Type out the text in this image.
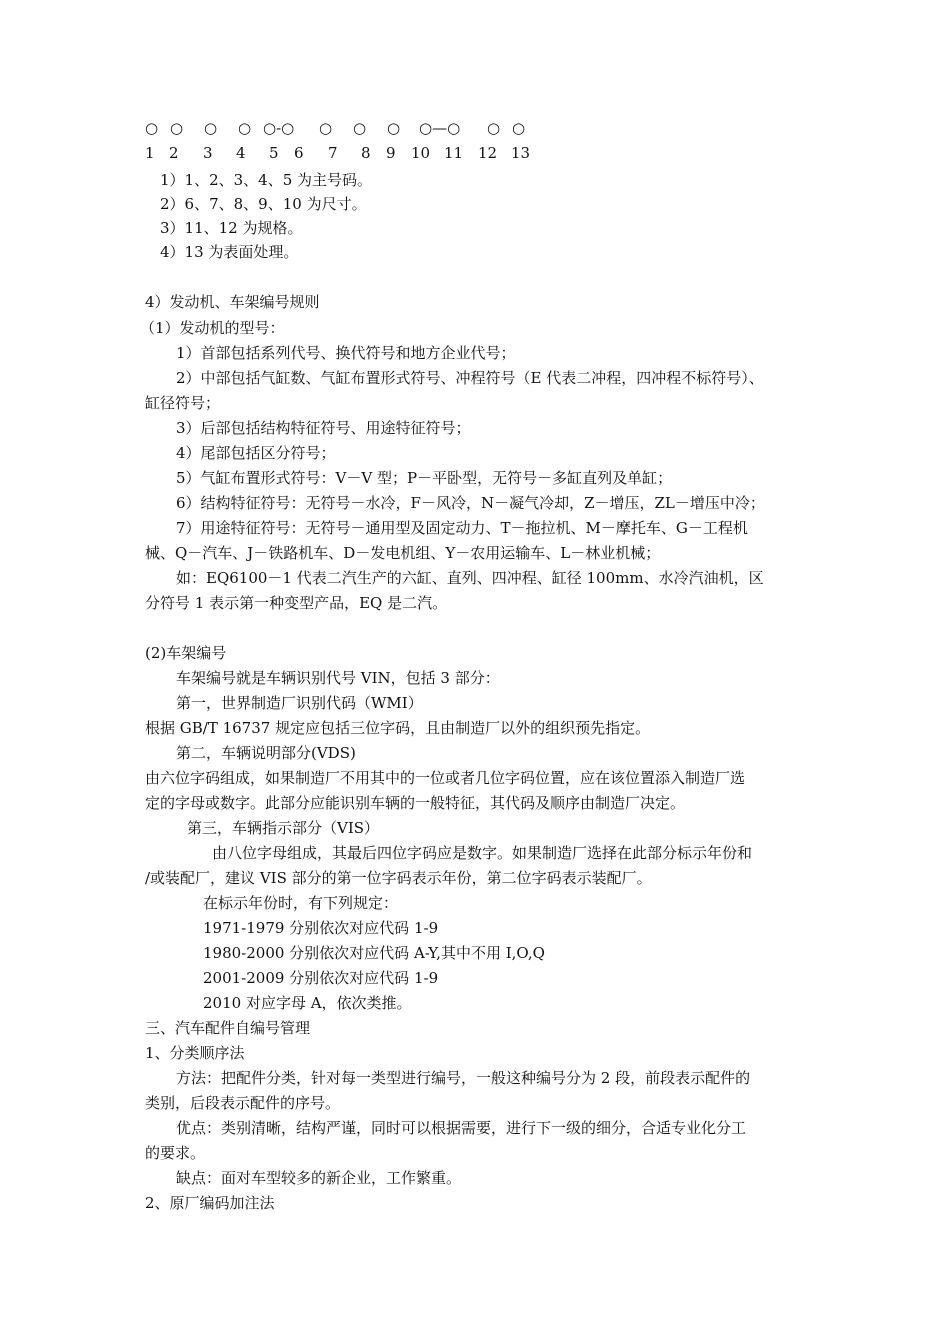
○ ○ ○ ○ ○-○ ○ ○ ○ ○—○ ○ ○
1 2 3 4 5 6 7 8 9 10 11 12 13
1）1、2、3、4、5 为主号码。
2）6、7、8、9、10 为尺寸。
3）11、12 为规格。
4）13 为表面处理。
4）发动机、车架编号规则
（1）发动机的型号：
1）首部包括系列代号、换代符号和地方企业代号；
2）中部包括气缸数、气缸布置形式符号、冲程符号（E 代表二冲程，四冲程不标符号）、
缸径符号；
3）后部包括结构特征符号、用途特征符号；
4）尾部包括区分符号；
5）气缸布置形式符号：V－V 型；P－平卧型，无符号－多缸直列及单缸；
6）结构特征符号：无符号－水冷，F－风冷，N－凝气冷却，Z－增压，ZL－增压中冷；
7）用途特征符号：无符号－通用型及固定动力、T－拖拉机、M－摩托车、G－工程机
械、Q－汽车、J－铁路机车、D－发电机组、Y－农用运输车、L－林业机械；
如：EQ6100－1 代表二汽生产的六缸、直列、四冲程、缸径 100mm、水冷汽油机，区
分符号 1 表示第一种变型产品，EQ 是二汽。
(2)车架编号
车架编号就是车辆识别代号 VIN，包括 3 部分：
第一，世界制造厂识别代码（WMI）
根据 GB/T 16737 规定应包括三位字码，且由制造厂以外的组织预先指定。
第二，车辆说明部分(VDS)
由六位字码组成，如果制造厂不用其中的一位或者几位字码位置，应在该位置添入制造厂选
定的字母或数字。此部分应能识别车辆的一般特征，其代码及顺序由制造厂决定。
第三，车辆指示部分（VIS）
由八位字母组成，其最后四位字码应是数字。如果制造厂选择在此部分标示年份和
/或装配厂，建议 VIS 部分的第一位字码表示年份，第二位字码表示装配厂。
在标示年份时，有下列规定：
1971-1979 分别依次对应代码 1-9
1980-2000 分别依次对应代码 A-Y,其中不用 I,O,Q
2001-2009 分别依次对应代码 1-9
2010 对应字母 A，依次类推。
三、汽车配件自编号管理
1、分类顺序法
方法：把配件分类，针对每一类型进行编号，一般这种编号分为 2 段，前段表示配件的
类别，后段表示配件的序号。
优点：类别清晰，结构严谨，同时可以根据需要，进行下一级的细分，合适专业化分工
的要求。
缺点：面对车型较多的新企业，工作繁重。
2、原厂编码加注法
